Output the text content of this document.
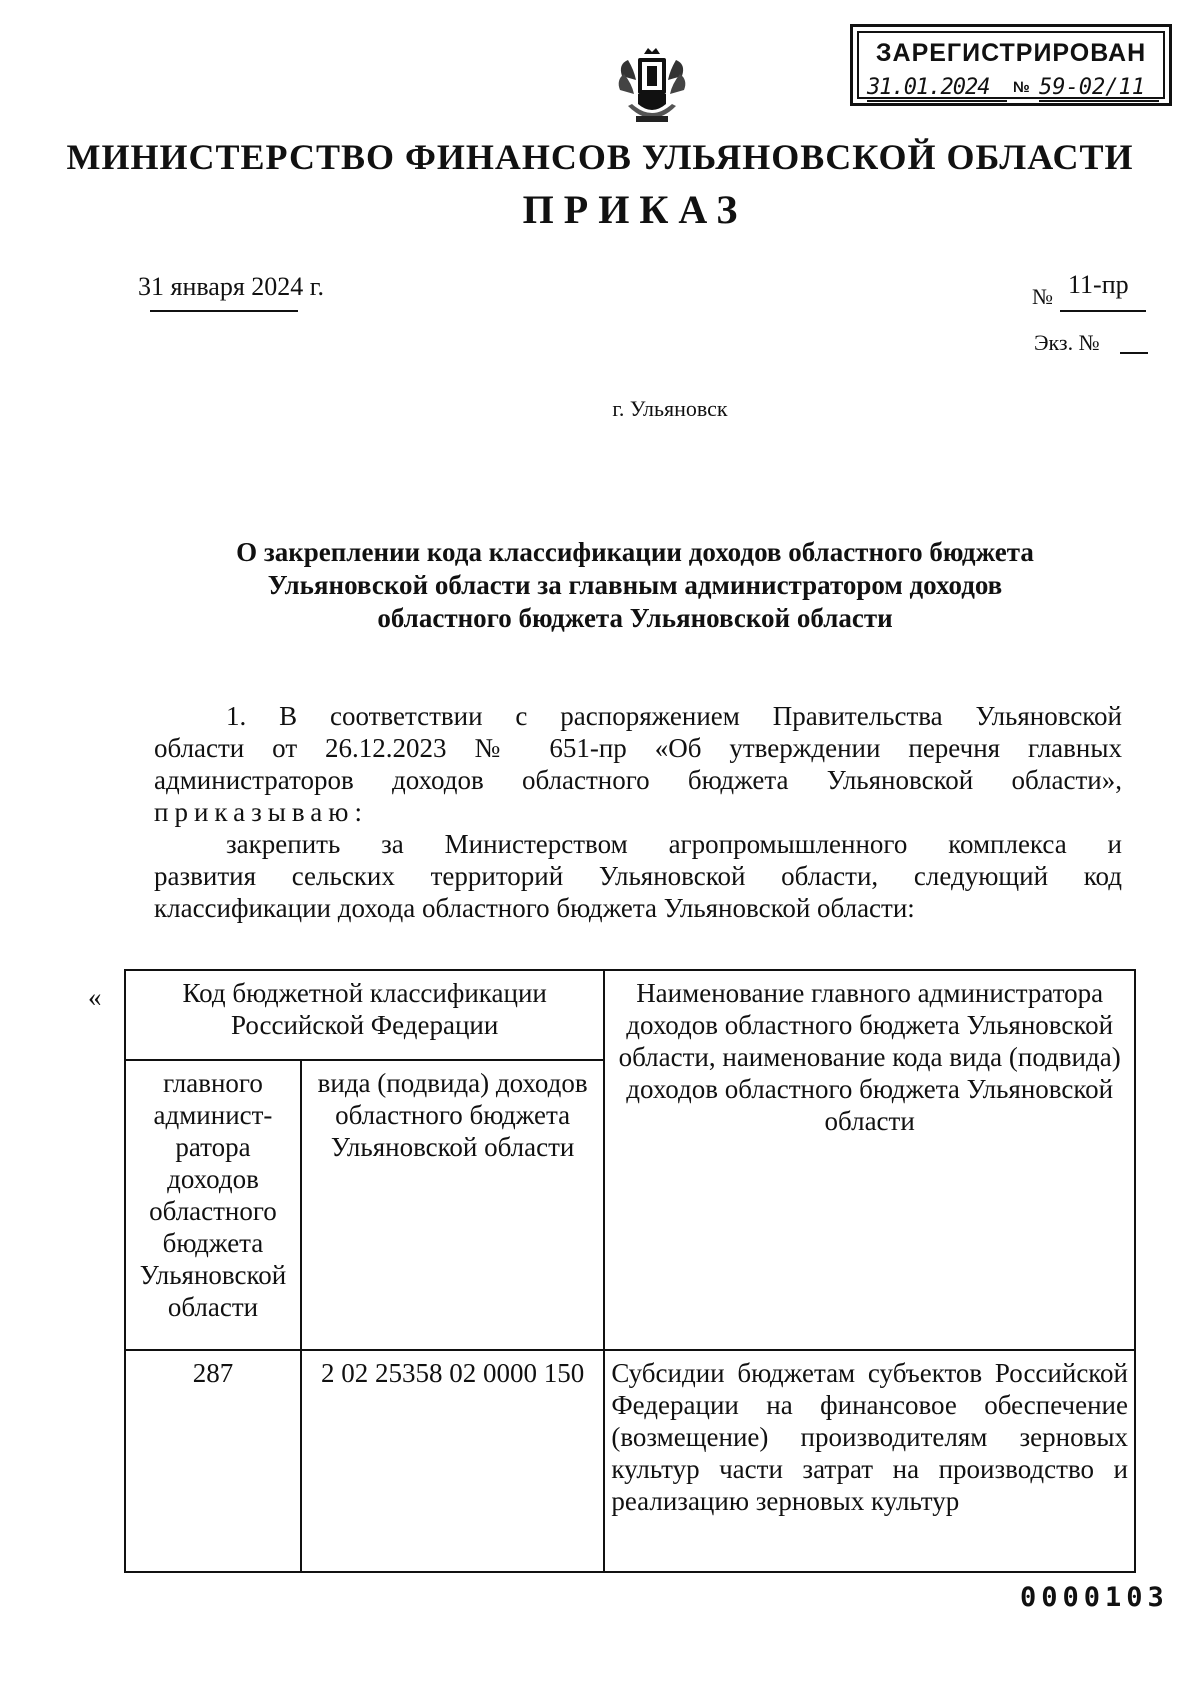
ЗАРЕГИСТРИРОВАН
31.01.2024	№ 59-02/11
МИНИСТЕРСТВО ФИНАНСОВ УЛЬЯНОВСКОЙ ОБЛАСТИ
ПРИКАЗ
31 января 2024 г.	№ 11-пр
Экз. №
г. Ульяновск
О закреплении кода классификации доходов областного бюджета
Ульяновской области за главным администратором доходов
областного бюджета Ульяновской области
1. В соответствии с распоряжением Правительства Ульяновской
области от 26.12.2023 № 651-пр «Об утверждении перечня главных
администраторов доходов областного бюджета Ульяновской области»,
приказываю:
закрепить за Министерством агропромышленного комплекса и
развития сельских территорий Ульяновской области, следующий код
классификации дохода областного бюджета Ульяновской области:
«	Код бюджетной классификации Российской Федерации		Наименование главного администратора доходов областного бюджета Ульяновской области, наименование кода вида (подвида) доходов областного бюджета Ульяновской области
главного админист-ратора доходов областного бюджета Ульяновской области	вида (подвида) доходов областного бюджета Ульяновской области	
287	2 02 25358 02 0000 150	Субсидии бюджетам субъектов Российской Федерации на финансовое обеспечение (возмещение) производителям зерновых культур части затрат на производство и реализацию зерновых культур
0000103
